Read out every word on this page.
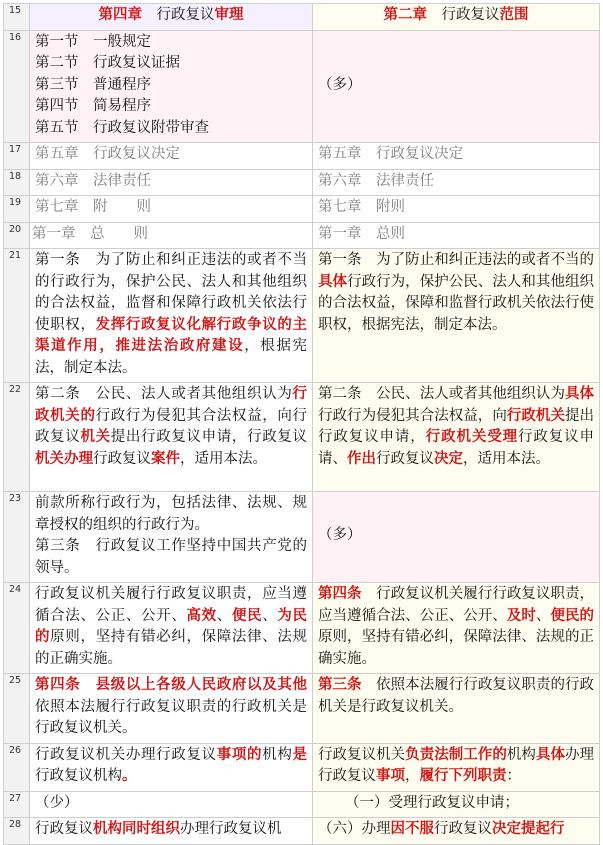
15	第四章　行政复议审理	第二章　行政复议范围
16	第一节　一般规定
第二节　行政复议证据
第三节　普通程序
第四节　简易程序
第五节　行政复议附带审查	（多）
17	第五章　行政复议决定	第五章　行政复议决定
18	第六章　法律责任	第六章　法律责任
19	第七章　附　　则	第七章　附则
20	第一章　总　　则	第一章　总则
21	第一条　为了防止和纠正违法的或者不当的行政行为，保护公民、法人和其他组织的合法权益，监督和保障行政机关依法行使职权，发挥行政复议化解行政争议的主渠道作用，推进法治政府建设，根据宪法，制定本法。	第一条　为了防止和纠正违法的或者不当的具体行政行为，保护公民、法人和其他组织的合法权益，保障和监督行政机关依法行使职权，根据宪法，制定本法。
22	第二条　公民、法人或者其他组织认为行政机关的行政行为侵犯其合法权益，向行政复议机关提出行政复议申请，行政复议机关办理行政复议案件，适用本法。	第二条　公民、法人或者其他组织认为具体行政行为侵犯其合法权益，向行政机关提出行政复议申请，行政机关受理行政复议申请、作出行政复议决定，适用本法。
23	前款所称行政行为，包括法律、法规、规章授权的组织的行政行为。
第三条　行政复议工作坚持中国共产党的领导。	（多）
24	行政复议机关履行行政复议职责，应当遵循合法、公正、公开、高效、便民、为民的原则，坚持有错必纠，保障法律、法规的正确实施。	第四条　行政复议机关履行行政复议职责，应当遵循合法、公正、公开、及时、便民的原则，坚持有错必纠，保障法律、法规的正确实施。
25	第四条　县级以上各级人民政府以及其他依照本法履行行政复议职责的行政机关是行政复议机关。	第三条　依照本法履行行政复议职责的行政机关是行政复议机关。
26	行政复议机关办理行政复议事项的机构是行政复议机构。	行政复议机关负责法制工作的机构具体办理行政复议事项，履行下列职责：
27	（少）	（一）受理行政复议申请；
28	行政复议机构同时组织办理行政复议机	（六）办理因不服行政复议决定提起行
